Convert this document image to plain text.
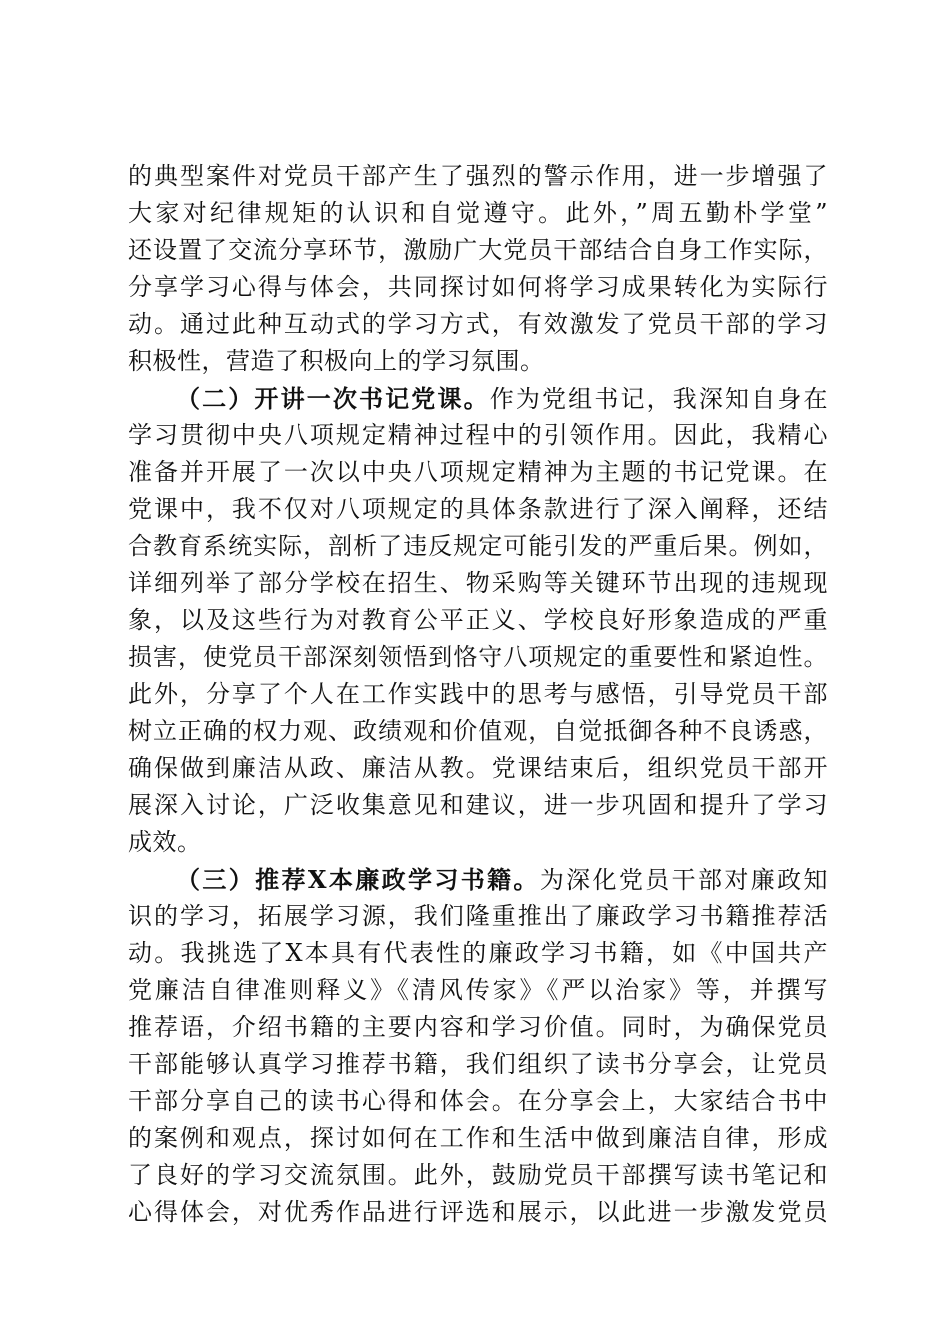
的典型案件对党员干部产生了强烈的警示作用，进一步增强了
大家对纪律规矩的认识和自觉遵守。此外，”周五勤朴学堂”
还设置了交流分享环节，激励广大党员干部结合自身工作实际，
分享学习心得与体会，共同探讨如何将学习成果转化为实际行
动。通过此种互动式的学习方式，有效激发了党员干部的学习
积极性，营造了积极向上的学习氛围。
（二）开讲一次书记党课。作为党组书记，我深知自身在
学习贯彻中央八项规定精神过程中的引领作用。因此，我精心
准备并开展了一次以中央八项规定精神为主题的书记党课。在
党课中，我不仅对八项规定的具体条款进行了深入阐释，还结
合教育系统实际，剖析了违反规定可能引发的严重后果。例如，
详细列举了部分学校在招生、物采购等关键环节出现的违规现
象，以及这些行为对教育公平正义、学校良好形象造成的严重
损害，使党员干部深刻领悟到恪守八项规定的重要性和紧迫性。
此外，分享了个人在工作实践中的思考与感悟，引导党员干部
树立正确的权力观、政绩观和价值观，自觉抵御各种不良诱惑，
确保做到廉洁从政、廉洁从教。党课结束后，组织党员干部开
展深入讨论，广泛收集意见和建议，进一步巩固和提升了学习
成效。
（三）推荐X本廉政学习书籍。为深化党员干部对廉政知
识的学习，拓展学习源，我们隆重推出了廉政学习书籍推荐活
动。我挑选了X本具有代表性的廉政学习书籍，如《中国共产
党廉洁自律准则释义》《清风传家》《严以治家》等，并撰写
推荐语，介绍书籍的主要内容和学习价值。同时，为确保党员
干部能够认真学习推荐书籍，我们组织了读书分享会，让党员
干部分享自己的读书心得和体会。在分享会上，大家结合书中
的案例和观点，探讨如何在工作和生活中做到廉洁自律，形成
了良好的学习交流氛围。此外，鼓励党员干部撰写读书笔记和
心得体会，对优秀作品进行评选和展示，以此进一步激发党员
